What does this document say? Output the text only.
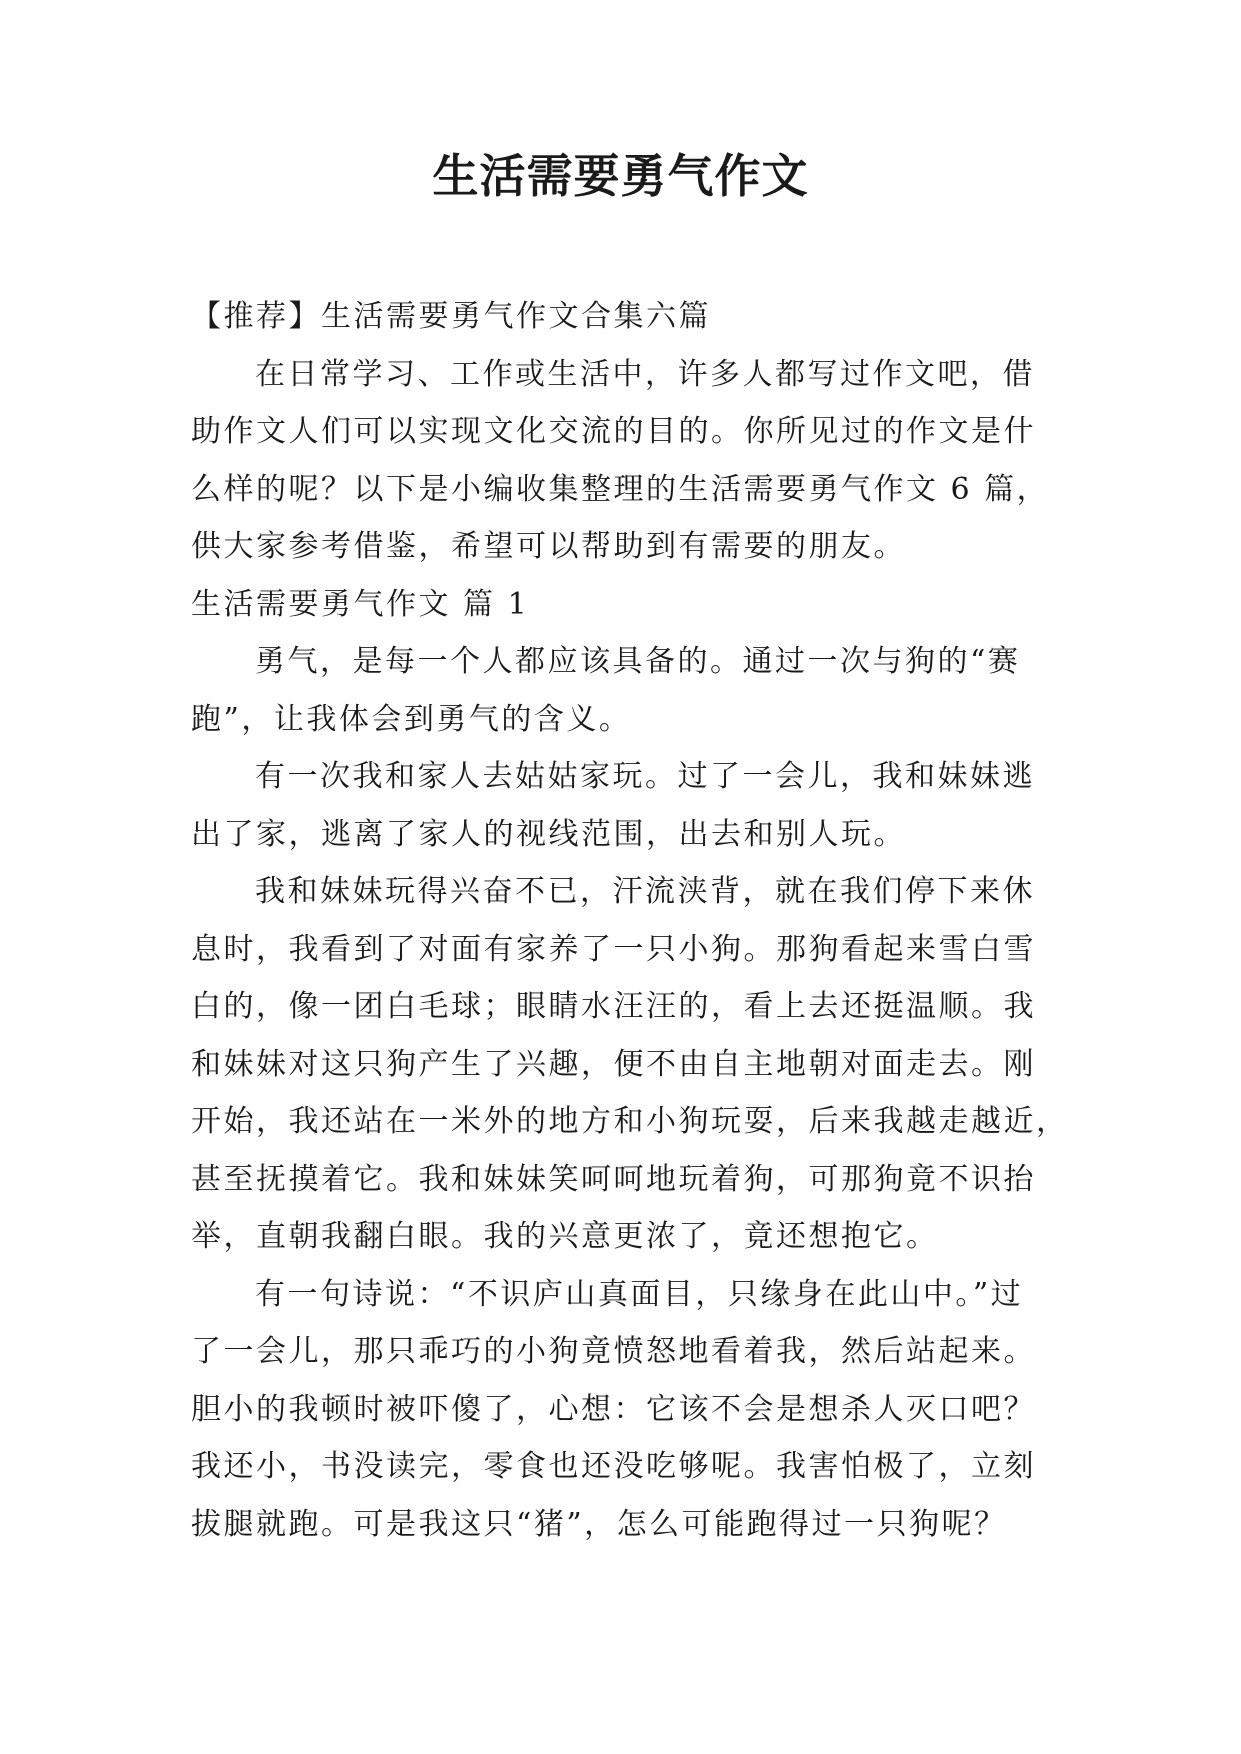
生活需要勇气作文
【推荐】生活需要勇气作文合集六篇
在日常学习、工作或生活中，许多人都写过作文吧，借
助作文人们可以实现文化交流的目的。你所见过的作文是什
么样的呢？以下是小编收集整理的生活需要勇气作文 6 篇，
供大家参考借鉴，希望可以帮助到有需要的朋友。
生活需要勇气作文 篇 1
勇气，是每一个人都应该具备的。通过一次与狗的“赛
跑”，让我体会到勇气的含义。
有一次我和家人去姑姑家玩。过了一会儿，我和妹妹逃
出了家，逃离了家人的视线范围，出去和别人玩。
我和妹妹玩得兴奋不已，汗流浃背，就在我们停下来休
息时，我看到了对面有家养了一只小狗。那狗看起来雪白雪
白的，像一团白毛球；眼睛水汪汪的，看上去还挺温顺。我
和妹妹对这只狗产生了兴趣，便不由自主地朝对面走去。刚
开始，我还站在一米外的地方和小狗玩耍，后来我越走越近，
甚至抚摸着它。我和妹妹笑呵呵地玩着狗，可那狗竟不识抬
举，直朝我翻白眼。我的兴意更浓了，竟还想抱它。
有一句诗说：“不识庐山真面目，只缘身在此山中。”过
了一会儿，那只乖巧的小狗竟愤怒地看着我，然后站起来。
胆小的我顿时被吓傻了，心想：它该不会是想杀人灭口吧？
我还小，书没读完，零食也还没吃够呢。我害怕极了，立刻
拔腿就跑。可是我这只“猪”，怎么可能跑得过一只狗呢？
